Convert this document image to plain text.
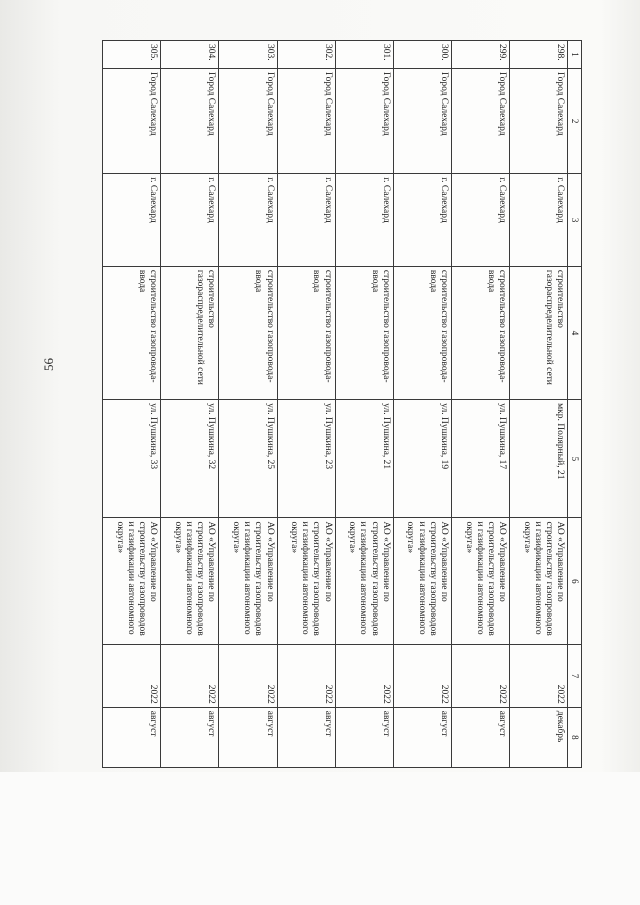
56
1	2	3	4	5	6	7	8
298.	Город Салехард	г. Салехард	строительство газораспределительной сети	мкр. Полярный, 21	АО «Управление по строительству газопроводов и газификации автономного округа»	2022	декабрь
299.	Город Салехард	г. Салехард	строительство газопровода-ввода	ул. Пушкина, 17	АО «Управление по строительству газопроводов и газификации автономного округа»	2022	август
300.	Город Салехард	г. Салехард	строительство газопровода-ввода	ул. Пушкина, 19	АО «Управление по строительству газопроводов и газификации автономного округа»	2022	август
301.	Город Салехард	г. Салехард	строительство газопровода-ввода	ул. Пушкина, 21	АО «Управление по строительству газопроводов и газификации автономного округа»	2022	август
302.	Город Салехард	г. Салехард	строительство газопровода-ввода	ул. Пушкина, 23	АО «Управление по строительству газопроводов и газификации автономного округа»	2022	август
303.	Город Салехард	г. Салехард	строительство газопровода-ввода	ул. Пушкина, 25	АО «Управление по строительству газопроводов и газификации автономного округа»	2022	август
304.	Город Салехард	г. Салехард	строительство газораспределительной сети	ул. Пушкина, 32	АО «Управление по строительству газопроводов и газификации автономного округа»	2022	август
305.	Город Салехард	г. Салехард	строительство газопровода-ввода	ул. Пушкина, 33	АО «Управление по строительству газопроводов и газификации автономного округа»	2022	август
